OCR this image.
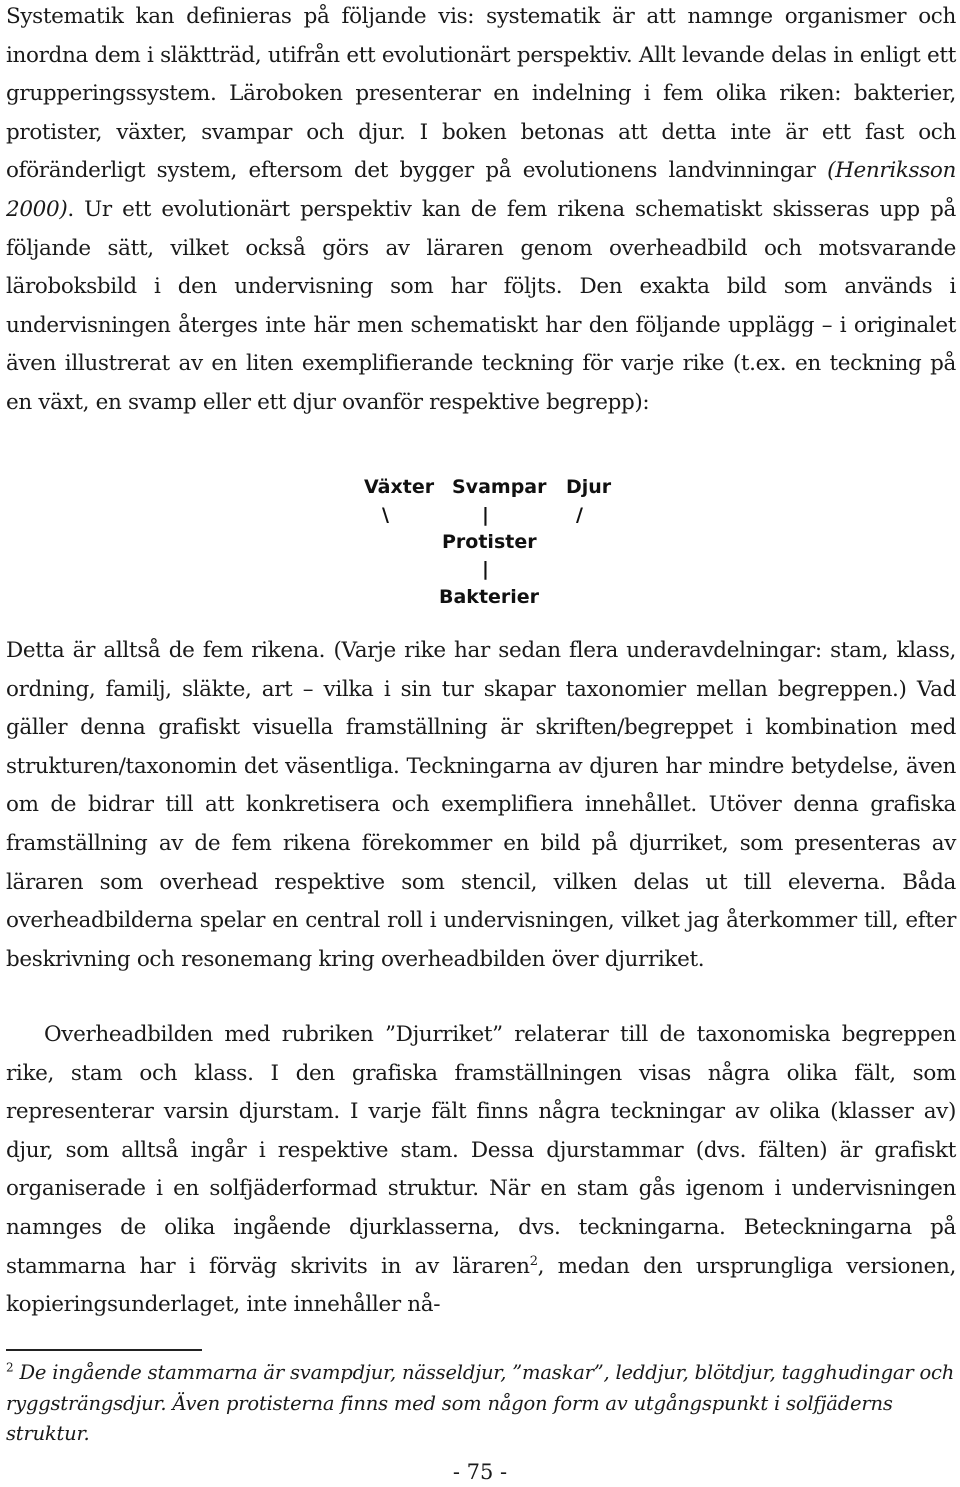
Systematik kan definieras på följande vis: systematik är att namnge organismer och inordna dem i släktträd, utifrån ett evolutionärt perspektiv. Allt levande delas in enligt ett grupperingssystem. Läroboken presenterar en indelning i fem olika riken: bakterier, protister, växter, svampar och djur. I boken betonas att detta inte är ett fast och oföränderligt system, eftersom det bygger på evolutionens landvinningar (Henriksson 2000). Ur ett evolutionärt perspektiv kan de fem rikena schematiskt skisseras upp på följande sätt, vilket också görs av läraren genom overheadbild och motsvarande läroboksbild i den undervisning som har följts. Den exakta bild som används i undervisningen återges inte här men schematiskt har den följande upplägg – i originalet även illustrerat av en liten exemplifierande teckning för varje rike (t.ex. en teckning på en växt, en svamp eller ett djur ovanför respektive begrepp):

Växter Svampar Djur
\	|	/
Protister
|
Bakterier

Detta är alltså de fem rikena. (Varje rike har sedan flera underavdelningar: stam, klass, ordning, familj, släkte, art – vilka i sin tur skapar taxonomier mellan begreppen.) Vad gäller denna grafiskt visuella framställning är skriften/begreppet i kombination med strukturen/taxonomin det väsentliga. Teckningarna av djuren har mindre betydelse, även om de bidrar till att konkretisera och exemplifiera innehållet. Utöver denna grafiska framställning av de fem rikena förekommer en bild på djurriket, som presenteras av läraren som overhead respektive som stencil, vilken delas ut till eleverna. Båda overheadbilderna spelar en central roll i undervisningen, vilket jag återkommer till, efter beskrivning och resonemang kring overheadbilden över djurriket.

Overheadbilden med rubriken ”Djurriket” relaterar till de taxonomiska begreppen rike, stam och klass. I den grafiska framställningen visas några olika fält, som representerar varsin djurstam. I varje fält finns några teckningar av olika (klasser av) djur, som alltså ingår i respektive stam. Dessa djurstammar (dvs. fälten) är grafiskt organiserade i en solfjäderformad struktur. När en stam gås igenom i undervisningen namnges de olika ingående djurklasserna, dvs. teckningarna. Beteckningarna på stammarna har i förväg skrivits in av läraren$^2$, medan den ursprungliga versionen, kopieringsunderlaget, inte innehåller nå-

$^2$ De ingående stammarna är svampdjur, nässeldjur, ”maskar”, leddjur, blötdjur, tagghudingar och ryggsträngsdjur. Även protisterna finns med som någon form av utgångspunkt i solfjäderns struktur.
- 75 -
